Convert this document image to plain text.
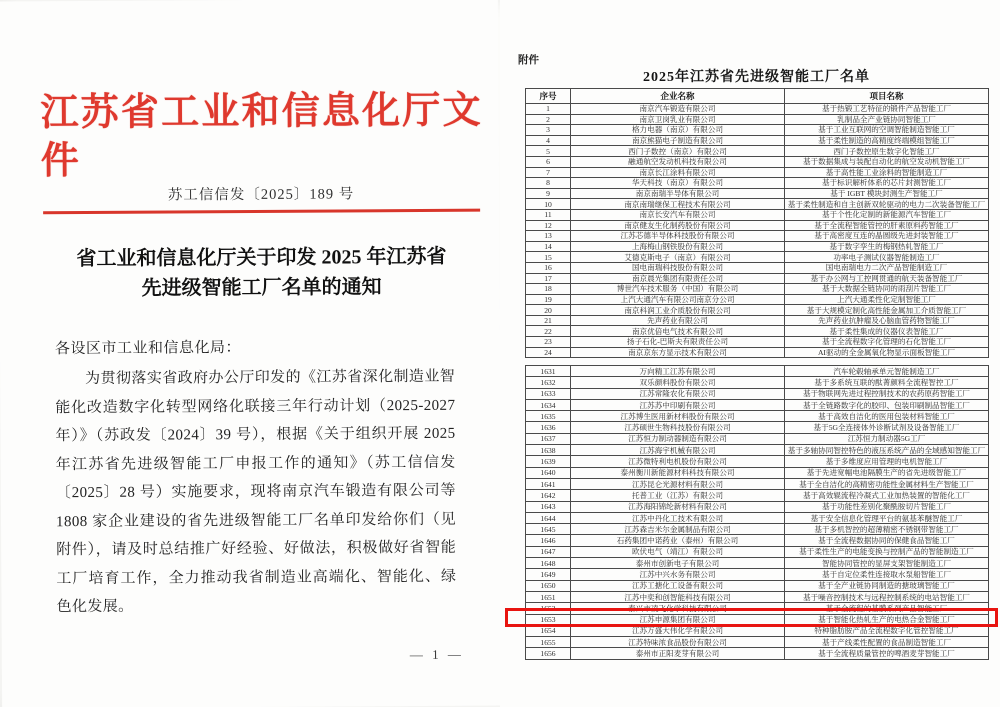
江苏省工业和信息化厅文件
苏工信信发〔2025〕189 号
省工业和信息化厅关于印发 2025 年江苏省
先进级智能工厂名单的通知
各设区市工业和信息化局：
为贯彻落实省政府办公厅印发的《江苏省深化制造业智能化改造数字化转型网络化联接三年行动计划（2025-2027 年）》（苏政发〔2024〕39 号），根据《关于组织开展 2025 年江苏省先进级智能工厂申报工作的通知》（苏工信信发〔2025〕28 号）实施要求，现将南京汽车锻造有限公司等 1808 家企业建设的省先进级智能工厂名单印发给你们（见附件），请及时总结推广好经验、好做法，积极做好省智能工厂培育工作，全力推动我省制造业高端化、智能化、绿色化发展。
— 1 —
附件
2025年江苏省先进级智能工厂名单
序号	企业名称	项目名称
1	南京汽车锻造有限公司	基于热锻工艺特征的锻件产品智能工厂
2	南京卫岗乳业有限公司	乳制品全产业链协同智能工厂
3	格力电器（南京）有限公司	基于工业互联网的空调智能制造智能工厂
4	南京熊猫电子制造有限公司	基于柔性制造的高精度终端模组智能工厂
5	西门子数控（南京）有限公司	西门子数控原生数字化智能工厂
6	融通航空发动机科技有限公司	基于数据集成与装配自动化的航空发动机智能工厂
7	南京长江涂料有限公司	基于高性能工业涂料的智能制造工厂
8	华天科技（南京）有限公司	基于标识解析体系的芯片封测智能工厂
9	南京南瑞半导体有限公司	基于 IGBT 模块封测生产智能工厂
10	南京南瑞继保工程技术有限公司	基于柔性制造和自主创新双轮驱动的电力二次装备智能工厂
11	南京长安汽车有限公司	基于个性化定制的新能源汽车智能工厂
12	南京健友生化制药股份有限公司	基于全流程智能管控的肝素原料药智能工厂
13	江苏芯德半导体科技股份有限公司	基于高密度互连的晶圆级先进封装智能工厂
14	上海梅山钢铁股份有限公司	基于数字孪生的梅钢热轧智能工厂
15	艾德克斯电子（南京）有限公司	功率电子测试仪器智能制造工厂
16	国电南瑞科技股份有限公司	国电南瑞电力二次产品智能制造工厂
17	南京晨光集团有限责任公司	基于办公网与工控网贯通的航天装备智能工厂
18	博世汽车技术服务（中国）有限公司	基于大数据全链协同的雨刮片智能工厂
19	上汽大通汽车有限公司南京分公司	上汽大通柔性化定制智能工厂
20	南京科润工业介质股份有限公司	基于大规模定制化高性能金属加工介质智能工厂
21	先声药业有限公司	先声药业抗肿瘤及心脑血管药物智能工厂
22	南京优倍电气技术有限公司	基于柔性集成的仪器仪表智能工厂
23	扬子石化-巴斯夫有限责任公司	基于全流程数字化管理的石化智能工厂
24	南京京东方显示技术有限公司	AI驱动的全金属氧化物显示面板智能工厂
1631	万向精工江苏有限公司	汽车轮毂轴承单元智能制造工厂
1632	双乐颜料股份有限公司	基于多系统互联的酞菁颜料全流程智控工厂
1633	江苏常隆农化有限公司	基于物联网先进过程控制技术的农药原药智能工厂
1634	江苏苏中印刷有限公司	基于全链路数字化的胶印、包装印刷制品智能工厂
1635	江苏博生医用新材料股份有限公司	基于高效自洁化的医用包装材料智能工厂
1636	江苏硕世生物科技股份有限公司	基于5G全连接体外诊断试剂及设备智能工厂
1637	江苏恒力制动器制造有限公司	江苏恒力制动器5G工厂
1638	江苏海宇机械有限公司	基于多轴协同智控特色的液压系统产品的全域感知智能工厂
1639	江苏微特利电机股份有限公司	基于多维度应用管理的电机智能工厂
1640	泰州衡川新能源材料科技有限公司	基于先进宽幅电池隔膜生产的省先进级智能工厂
1641	江苏昆仑光源材料有限公司	基于全自洁化的高精密功能性金属材料生产智能工厂
1642	托普工业（江苏）有限公司	基于高效辊流程冷凝式工业加热装置的智能化工厂
1643	江苏海阳锦纶新材料有限公司	基于功能性差别化聚酰胺切片智能工厂
1644	江苏中丹化工技术有限公司	基于安全信息化管理平台的氨基苯醚智能工厂
1645	江苏森吉米尔金属制品有限公司	基于多机智控的超薄精密不锈钢带智能工厂
1646	石药集团中诺药业（泰州）有限公司	基于全流程数据协同的保健食品智能工厂
1647	欧伏电气（靖江）有限公司	基于柔性生产的电能变换与控制产品的智能制造工厂
1648	泰州市创新电子有限公司	智能协同管控的显屏支架智能制造工厂
1649	江苏中兴水务有限公司	基于自定位柔性连接取水泵船智能工厂
1650	江苏工搪化工设备有限公司	基于全产业链协同制造的搪玻璃智能工厂
1651	江苏中奕和创智能科技有限公司	基于噪音控制技术与远程控制系统的电站智能工厂
1652	泰兴市凌飞化学科技有限公司	基于全流程的基膜系列产品智能工厂
1653	江苏申源集团有限公司	基于智能化热轧生产的电热合金智能工厂
1654	江苏万盛大伟化学有限公司	特种脂肪胺产品全流程数字化管控智能工厂
1655	江苏特味浓食品股份有限公司	基于产线柔性配置的食品制造智能工厂
1656	泰州市正阳麦芽有限公司	基于全流程质量管控的啤酒麦芽智能工厂
